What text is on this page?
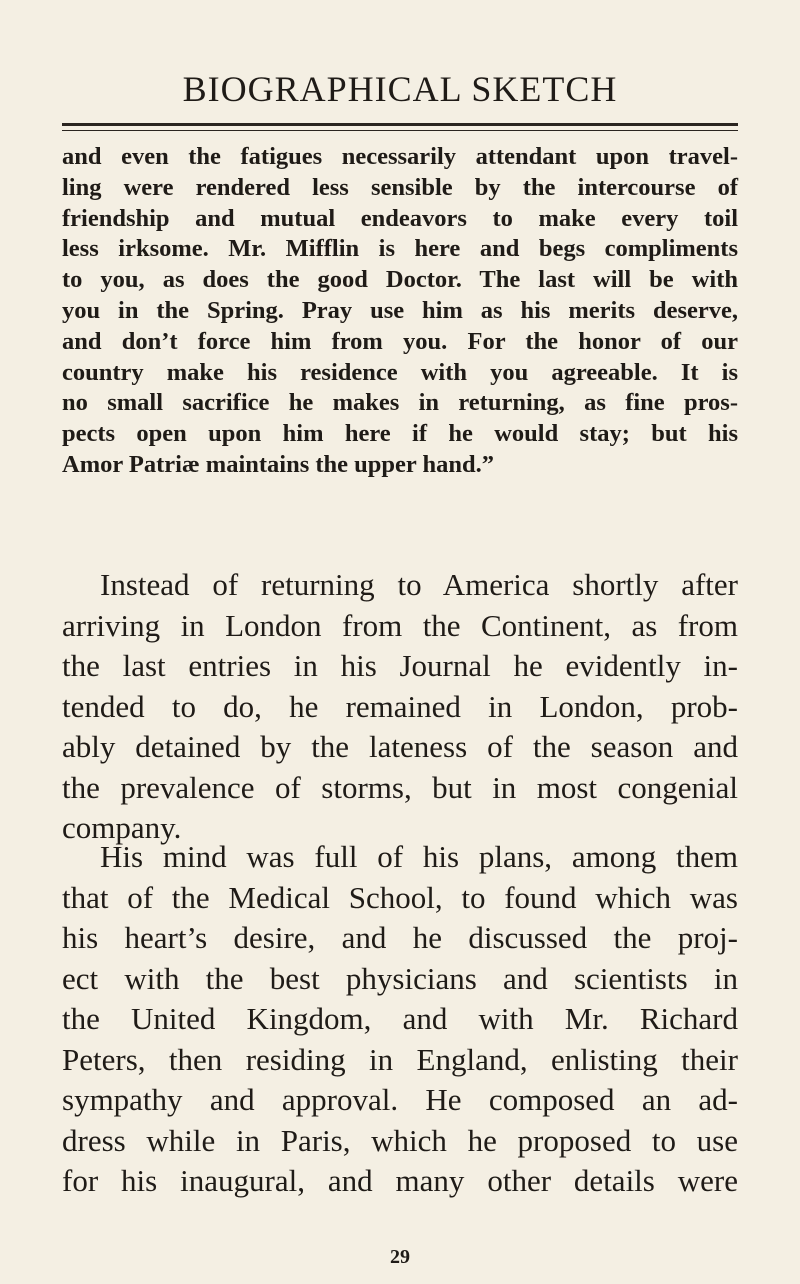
BIOGRAPHICAL SKETCH
and even the fatigues necessarily attendant upon travel-
ling were rendered less sensible by the intercourse of
friendship and mutual endeavors to make every toil
less irksome. Mr. Mifflin is here and begs compliments
to you, as does the good Doctor. The last will be with
you in the Spring. Pray use him as his merits deserve,
and don’t force him from you. For the honor of our
country make his residence with you agreeable. It is
no small sacrifice he makes in returning, as fine pros-
pects open upon him here if he would stay; but his
Amor Patriæ maintains the upper hand.”
Instead of returning to America shortly after
arriving in London from the Continent, as from
the last entries in his Journal he evidently in-
tended to do, he remained in London, prob-
ably detained by the lateness of the season and
the prevalence of storms, but in most congenial
company.
His mind was full of his plans, among them
that of the Medical School, to found which was
his heart’s desire, and he discussed the proj-
ect with the best physicians and scientists in
the United Kingdom, and with Mr. Richard
Peters, then residing in England, enlisting their
sympathy and approval. He composed an ad-
dress while in Paris, which he proposed to use
for his inaugural, and many other details were
29
